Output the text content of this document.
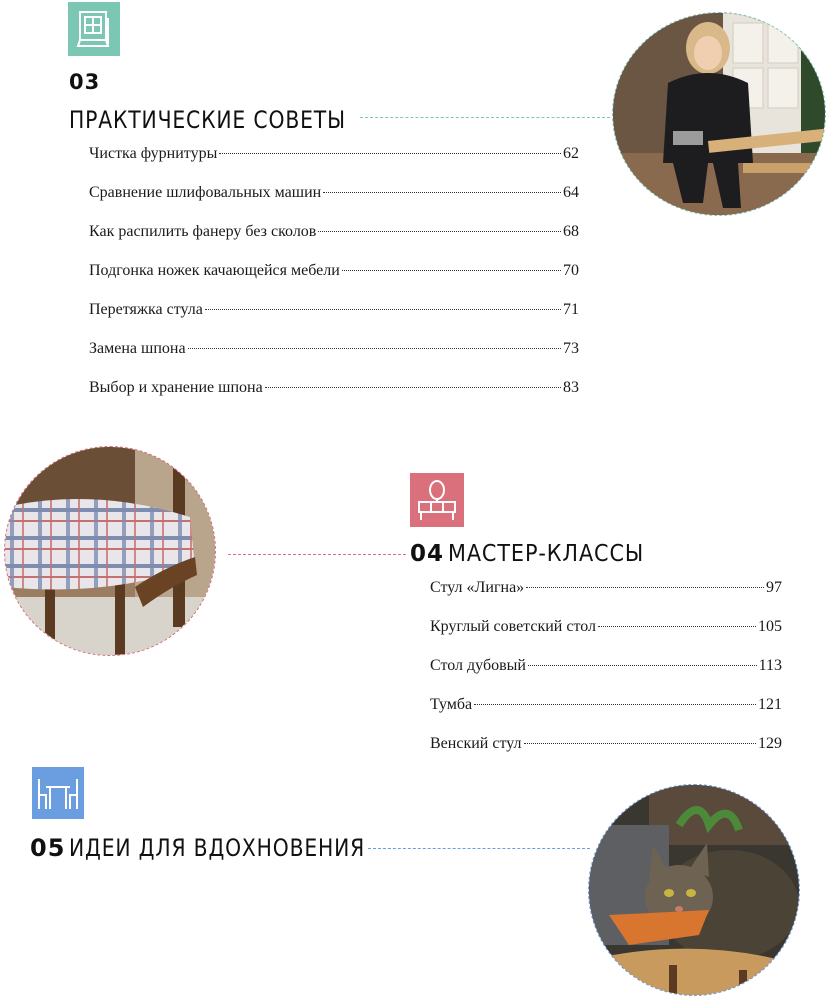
03
ПРАКТИЧЕСКИЕ СОВЕТЫ
Чистка фурнитуры	62
Сравнение шлифовальных машин	64
Как распилить фанеру без сколов	68
Подгонка ножек качающейся мебели	70
Перетяжка стула	71
Замена шпона	73
Выбор и хранение шпона	83
04 МАСТЕР-КЛАССЫ
Стул «Лигна»	97
Круглый советский стол	105
Стол дубовый	113
Тумба	121
Венский стул	129
05 ИДЕИ ДЛЯ ВДОХНОВЕНИЯ
